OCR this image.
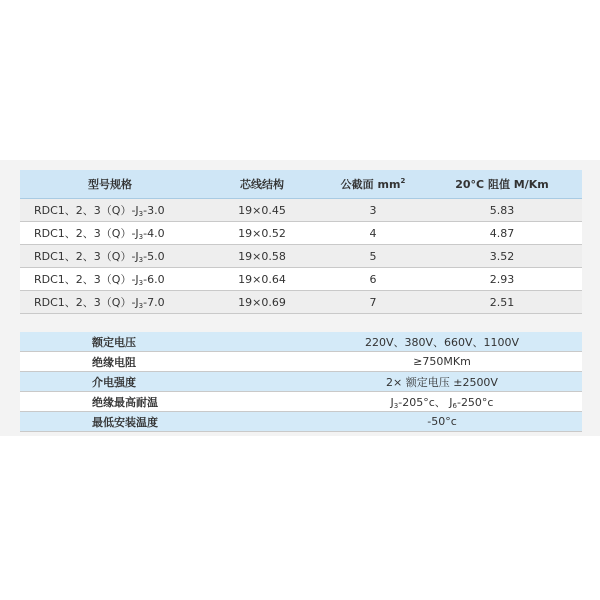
型号规格	芯线结构	公截面 $mm^2$	20°C 阻值 M/Km
RDC1、2、$3(Q)-J_3-3.0$	19×0.45	3	5.83
RDC1、2、$3(Q)-J_3-4.0$	19×0.52	4	4.87
RDC1、2、$3(Q)-J_3-5.0$	19×0.58	5	3.52
RDC1、2、$3(Q)-J_3-6.0$	19×0.64	6	2.93
RDC1、2、$3(Q)-J_3-7.0$	19×0.69	7	2.51
额定电压	220V、380V、660V、1100V
绝缘电阻	≥750MKm
介电强度	2× 额定电压 ±2500V
绝缘最高耐温	$J_3-205^\circ c$、 $J_6-250^\circ c$
最低安装温度	-50°c
